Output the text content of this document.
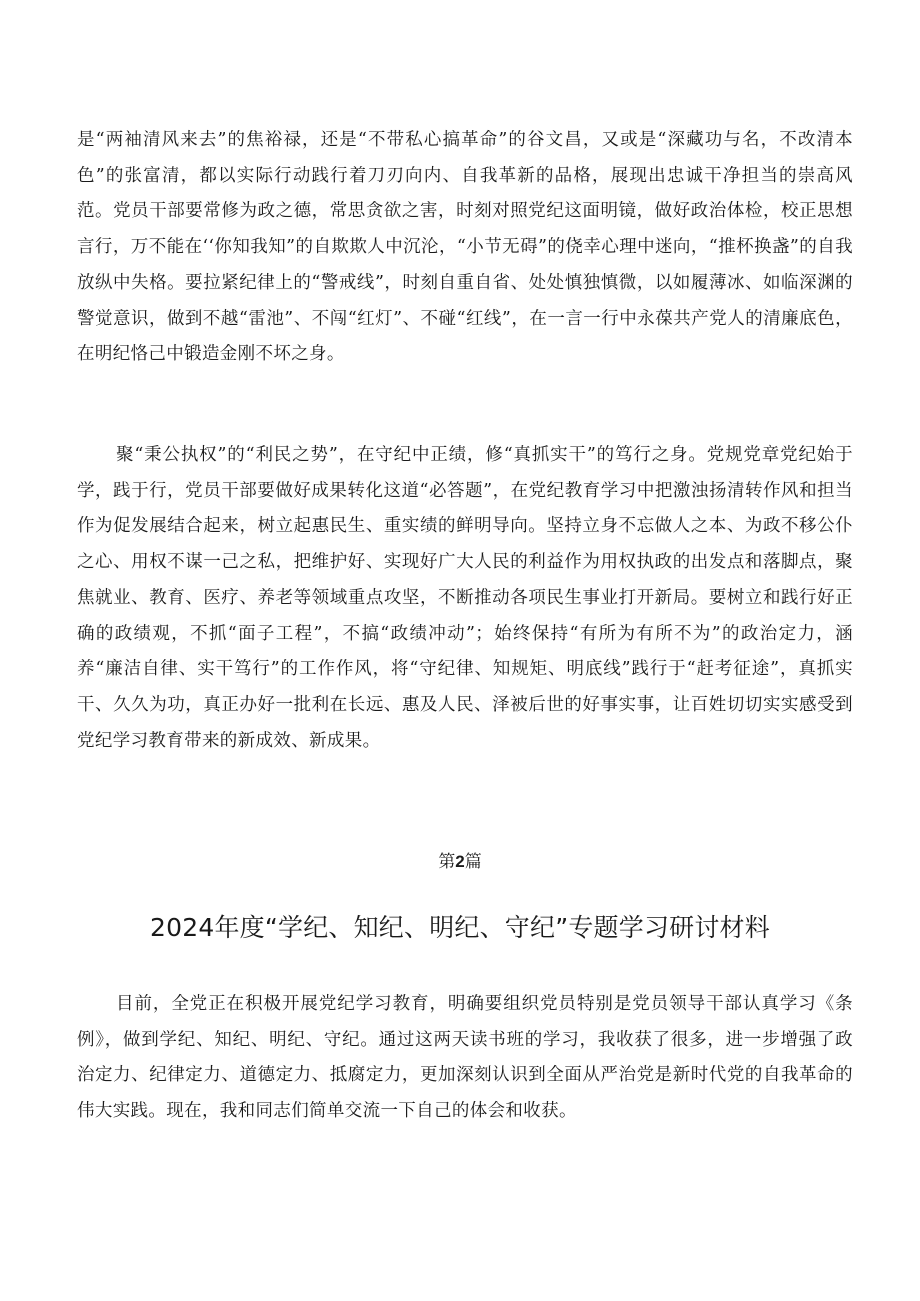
是“两袖清风来去”的焦裕禄，还是“不带私心搞革命”的谷文昌，又或是“深藏功与名，不改清本色”的张富清，都以实际行动践行着刀刃向内、自我革新的品格，展现出忠诚干净担当的崇高风范。党员干部要常修为政之德，常思贪欲之害，时刻对照党纪这面明镜，做好政治体检，校正思想言行，万不能在‘‘你知我知”的自欺欺人中沉沦，“小节无碍”的侥幸心理中迷向，“推杯换盏”的自我放纵中失格。要拉紧纪律上的“警戒线”，时刻自重自省、处处慎独慎微，以如履薄冰、如临深渊的警觉意识，做到不越“雷池”、不闯“红灯”、不碰“红线”，在一言一行中永葆共产党人的清廉底色，在明纪恪己中锻造金刚不坏之身。

聚“秉公执权”的“利民之势”，在守纪中正绩，修“真抓实干”的笃行之身。党规党章党纪始于学，践于行，党员干部要做好成果转化这道“必答题”，在党纪教育学习中把激浊扬清转作风和担当作为促发展结合起来，树立起惠民生、重实绩的鲜明导向。坚持立身不忘做人之本、为政不移公仆之心、用权不谋一己之私，把维护好、实现好广大人民的利益作为用权执政的出发点和落脚点，聚焦就业、教育、医疗、养老等领域重点攻坚，不断推动各项民生事业打开新局。要树立和践行好正确的政绩观，不抓“面子工程”，不搞“政绩冲动”；始终保持“有所为有所不为”的政治定力，涵养“廉洁自律、实干笃行”的工作作风，将“守纪律、知规矩、明底线”践行于“赶考征途”，真抓实干、久久为功，真正办好一批利在长远、惠及人民、泽被后世的好事实事，让百姓切切实实感受到党纪学习教育带来的新成效、新成果。

第2篇

2024年度“学纪、知纪、明纪、守纪”专题学习研讨材料

目前，全党正在积极开展党纪学习教育，明确要组织党员特别是党员领导干部认真学习《条例》，做到学纪、知纪、明纪、守纪。通过这两天读书班的学习，我收获了很多，进一步增强了政治定力、纪律定力、道德定力、抵腐定力，更加深刻认识到全面从严治党是新时代党的自我革命的伟大实践。现在，我和同志们简单交流一下自己的体会和收获。
